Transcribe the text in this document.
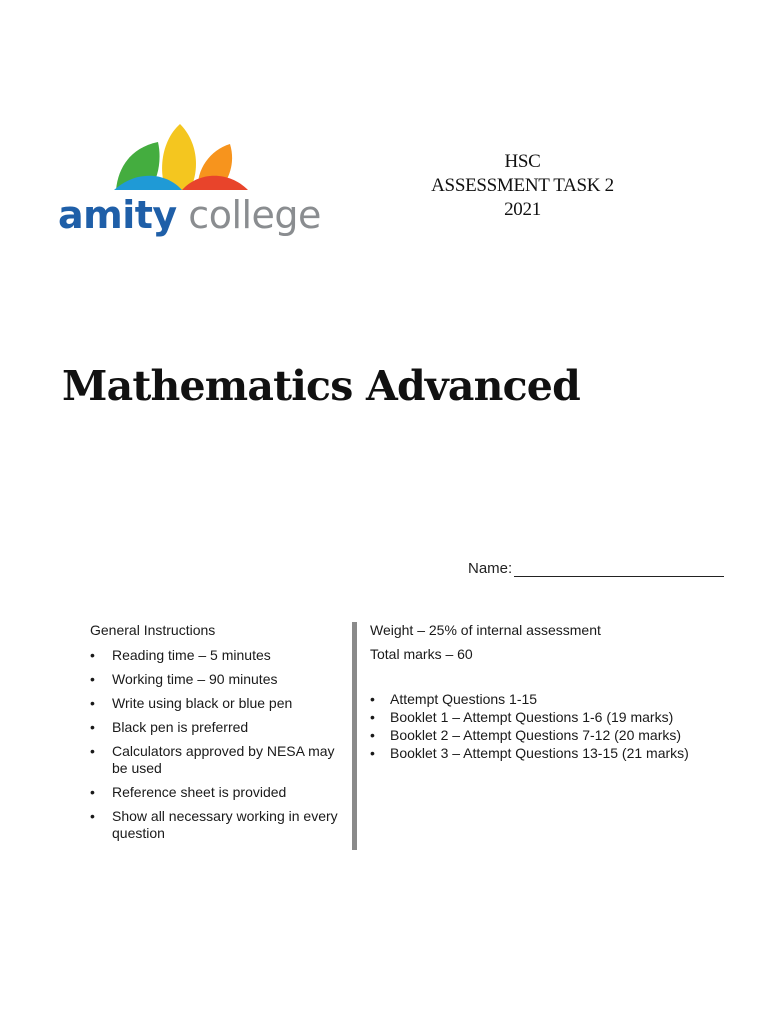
amity college
HSC
ASSESSMENT TASK 2
2021
Mathematics Advanced
Name:
General Instructions
• Reading time – 5 minutes
• Working time – 90 minutes
• Write using black or blue pen
• Black pen is preferred
• Calculators approved by NESA may be used
• Reference sheet is provided
• Show all necessary working in every question

Weight – 25% of internal assessment

Total marks – 60

• Attempt Questions 1-15
• Booklet 1 – Attempt Questions 1-6 (19 marks)
• Booklet 2 – Attempt Questions 7-12 (20 marks)
• Booklet 3 – Attempt Questions 13-15 (21 marks)
